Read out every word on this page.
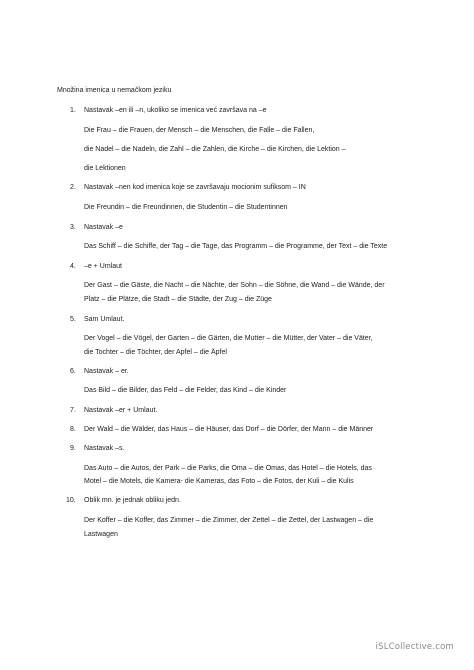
Množina imenica u nemačkom jeziku
1. Nastavak –en ili –n, ukoliko se imenica već završava na –e
Die Frau – die Frauen, der Mensch – die Menschen, die Falle – die Fallen,
die Nadel – die Nadeln, die Zahl – die Zahlen, die Kirche – die Kirchen, die Lektion –
die Lektionen
2. Nastavak –nen kod imenica koje se završavaju mocionim sufiksom – IN
Die Freundin – die Freundinnen, die Studentin – die Studentinnen
3. Nastavak –e
Das Schiff – die Schiffe, der Tag – die Tage, das Programm – die Programme, der Text – die Texte
4. –e + Umlaut
Der Gast – die Gäste, die Nacht – die Nächte, der Sohn – die Söhne, die Wand – die Wände, der
Platz – die Plätze, die Stadt – die Städte, der Zug – die Züge
5. Sam Umlaut.
Der Vogel – die Vögel, der Garten – die Gärten, die Mutter – die Mütter, der Vater – die Väter,
die Tochter – die Töchter, der Apfel – die Äpfel
6. Nastavak – er.
Das Bild – die Bilder, das Feld – die Felder, das Kind – die Kinder
7. Nastavak –er + Umlaut.
8. Der Wald – die Wälder, das Haus – die Häuser, das Dorf – die Dörfer, der Mann – die Männer
9. Nastavak –s.
Das Auto – die Autos, der Park – die Parks, die Oma – die Omas, das Hotel – die Hotels, das
Motel – die Motels, die Kamera- die Kameras, das Foto – die Fotos, der Kuli – die Kulis
10. Oblik mn. je jednak obliku jedn.
Der Koffer – die Koffer, das Zimmer – die Zimmer, der Zettel – die Zettel, der Lastwagen – die
Lastwagen
iSLCollective.com
